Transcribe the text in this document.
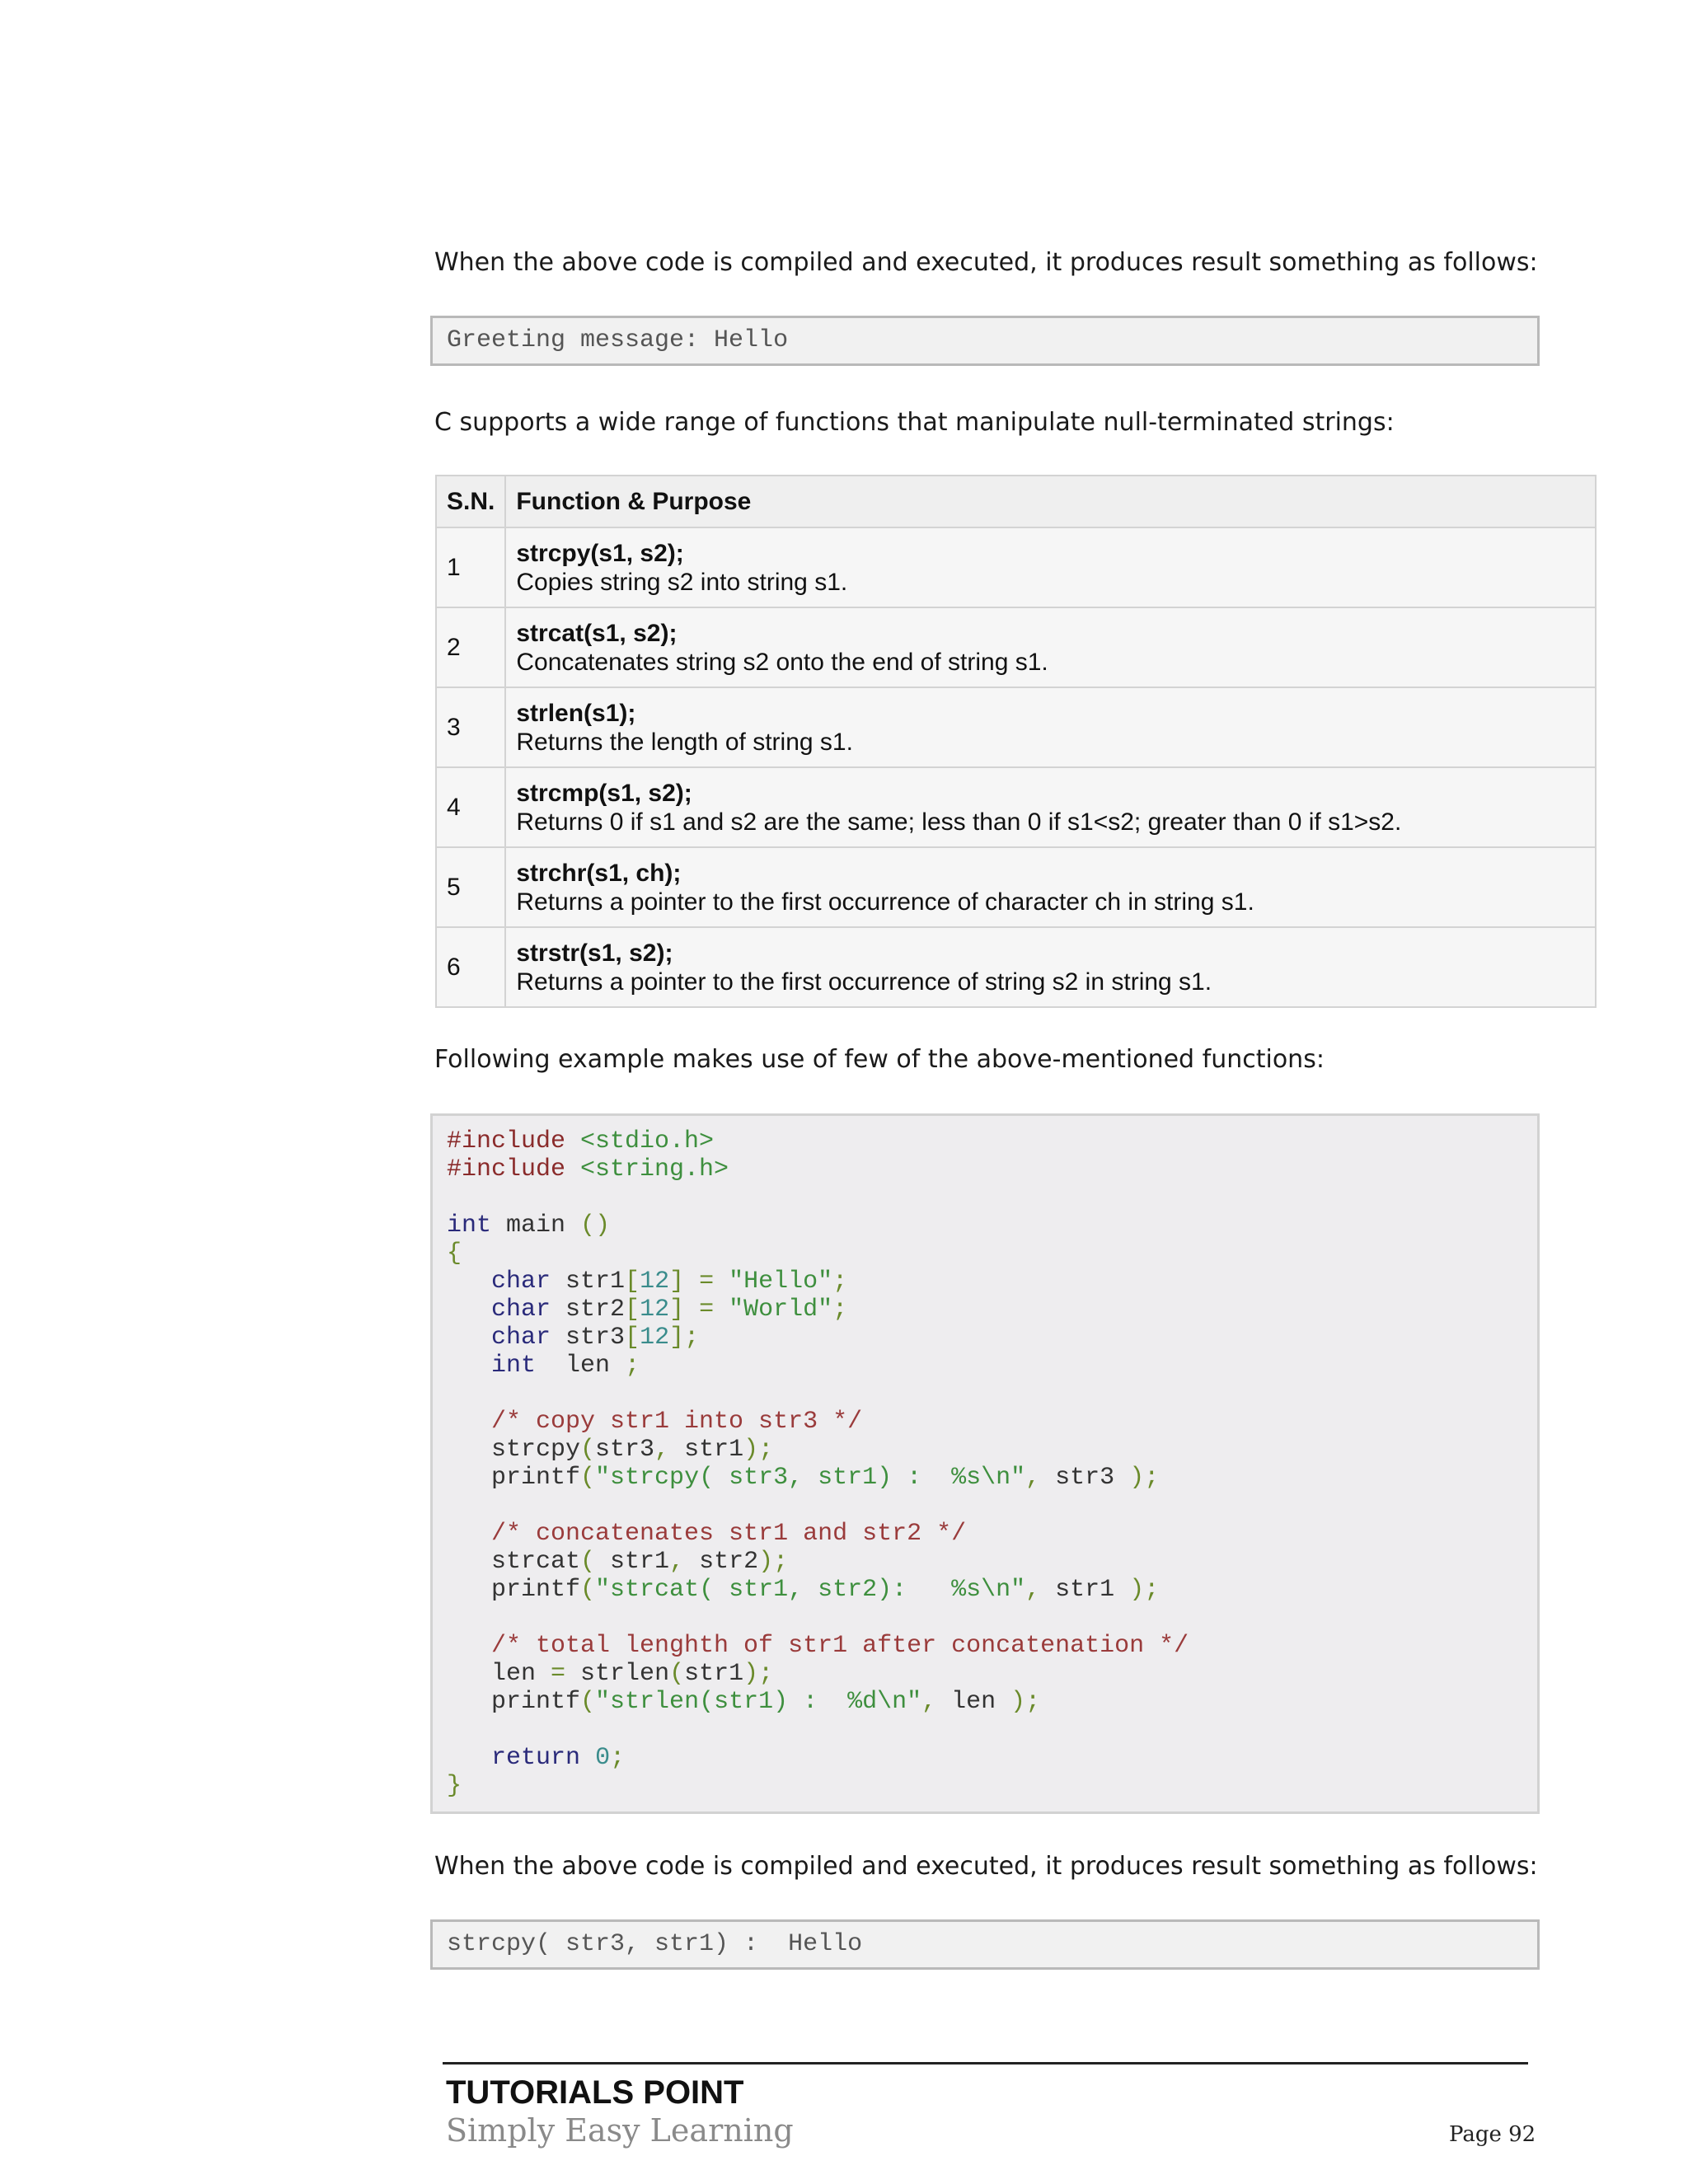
When the above code is compiled and executed, it produces result something as follows:

Greeting message: Hello

C supports a wide range of functions that manipulate null-terminated strings:

S.N.	Function & Purpose
1	strcpy(s1, s2);
Copies string s2 into string s1.

2	strcat(s1, s2);
Concatenates string s2 onto the end of string s1.

3	strlen(s1);
Returns the length of string s1.

4	strcmp(s1, s2);
Returns 0 if s1 and s2 are the same; less than 0 if s1<s2; greater than 0 if s1>s2.

5	strchr(s1, ch);
Returns a pointer to the first occurrence of character ch in string s1.

6	strstr(s1, s2);
Returns a pointer to the first occurrence of string s2 in string s1.

Following example makes use of few of the above-mentioned functions:

#include <stdio.h>
#include <string.h>
int main ()
{
char str1[12] = "Hello";
char str2[12] = "World";
char str3[12];
int  len ;
/* copy str1 into str3 */
strcpy(str3, str1);
printf("strcpy( str3, str1) :  %s\n", str3 );
/* concatenates str1 and str2 */
strcat( str1, str2);
printf("strcat( str1, str2):   %s\n", str1 );
/* total lenghth of str1 after concatenation */
len = strlen(str1);
printf("strlen(str1) :  %d\n", len );
return 0;
}

When the above code is compiled and executed, it produces result something as follows:

strcpy( str3, str1) :  Hello

TUTORIALS POINT

Simply Easy Learning	Page 92
